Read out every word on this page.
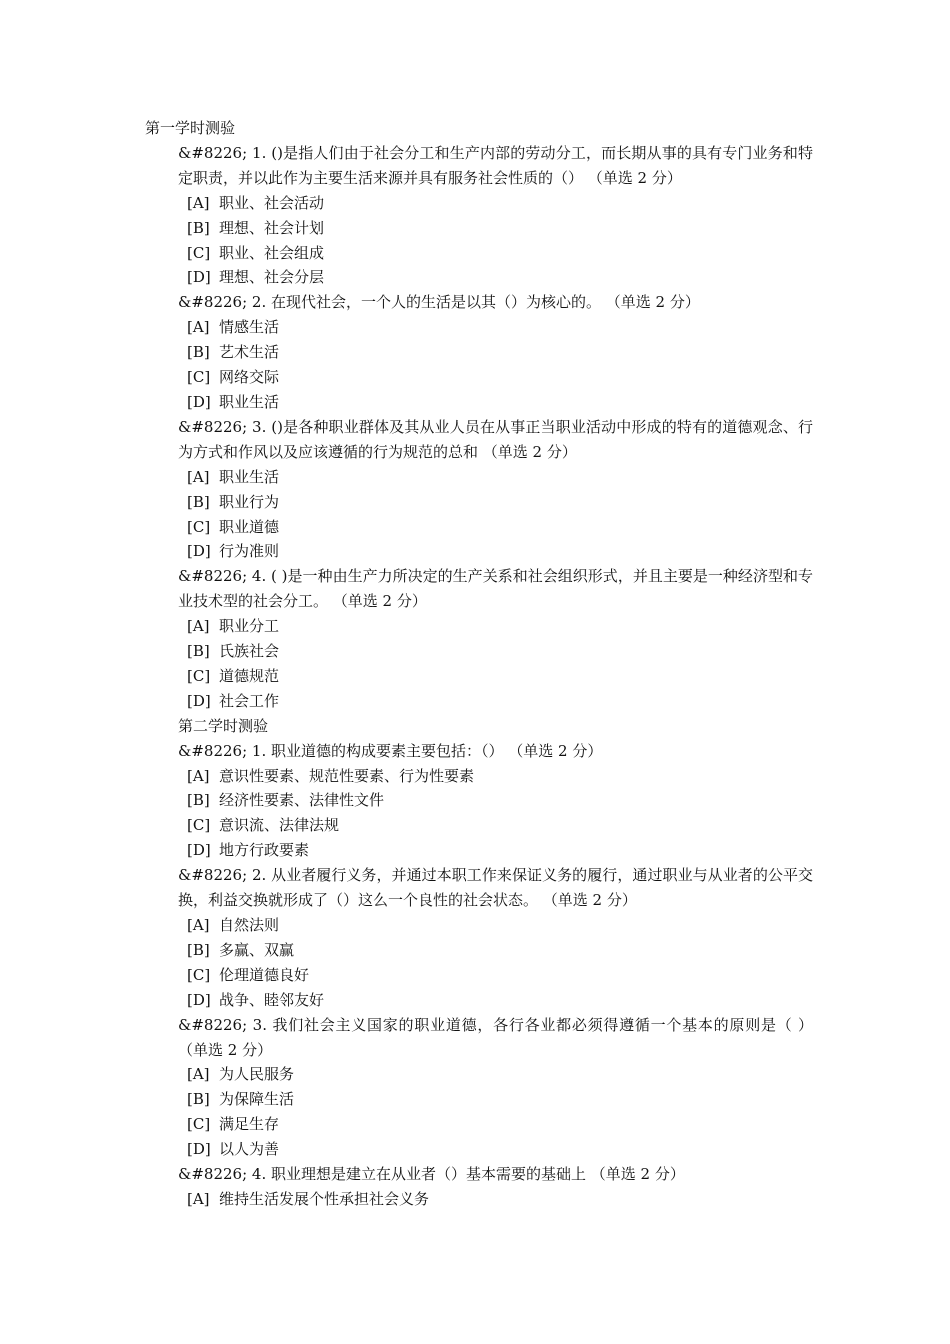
第一学时测验
&#8226; 1. ()是指人们由于社会分工和生产内部的劳动分工，而长期从事的具有专门业务和特定职责，并以此作为主要生活来源并具有服务社会性质的（） （单选 2 分）
[A] 职业、社会活动
[B] 理想、社会计划
[C] 职业、社会组成
[D] 理想、社会分层
&#8226; 2. 在现代社会，一个人的生活是以其（）为核心的。 （单选 2 分）
[A] 情感生活
[B] 艺术生活
[C] 网络交际
[D] 职业生活
&#8226; 3. ()是各种职业群体及其从业人员在从事正当职业活动中形成的特有的道德观念、行为方式和作风以及应该遵循的行为规范的总和 （单选 2 分）
[A] 职业生活
[B] 职业行为
[C] 职业道德
[D] 行为准则
&#8226; 4. ( )是一种由生产力所决定的生产关系和社会组织形式，并且主要是一种经济型和专业技术型的社会分工。 （单选 2 分）
[A] 职业分工
[B] 氏族社会
[C] 道德规范
[D] 社会工作
第二学时测验
&#8226; 1. 职业道德的构成要素主要包括：（） （单选 2 分）
[A] 意识性要素、规范性要素、行为性要素
[B] 经济性要素、法律性文件
[C] 意识流、法律法规
[D] 地方行政要素
&#8226; 2. 从业者履行义务，并通过本职工作来保证义务的履行，通过职业与从业者的公平交换，利益交换就形成了（）这么一个良性的社会状态。 （单选 2 分）
[A] 自然法则
[B] 多赢、双赢
[C] 伦理道德良好
[D] 战争、睦邻友好
&#8226; 3. 我们社会主义国家的职业道德，各行各业都必须得遵循一个基本的原则是（ ） （单选 2 分）
[A] 为人民服务
[B] 为保障生活
[C] 满足生存
[D] 以人为善
&#8226; 4. 职业理想是建立在从业者（）基本需要的基础上 （单选 2 分）
[A] 维持生活发展个性承担社会义务
